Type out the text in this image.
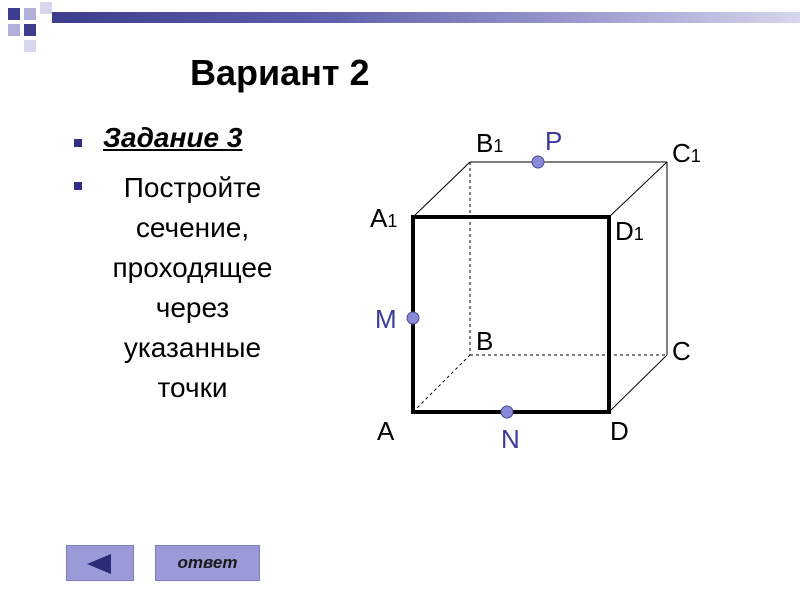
Вариант 2
Задание 3
Постройте
сечение,
проходящее
через
указанные
точки
B1	C1
A1	D1
B	C
A	D
P
M
N
ответ
